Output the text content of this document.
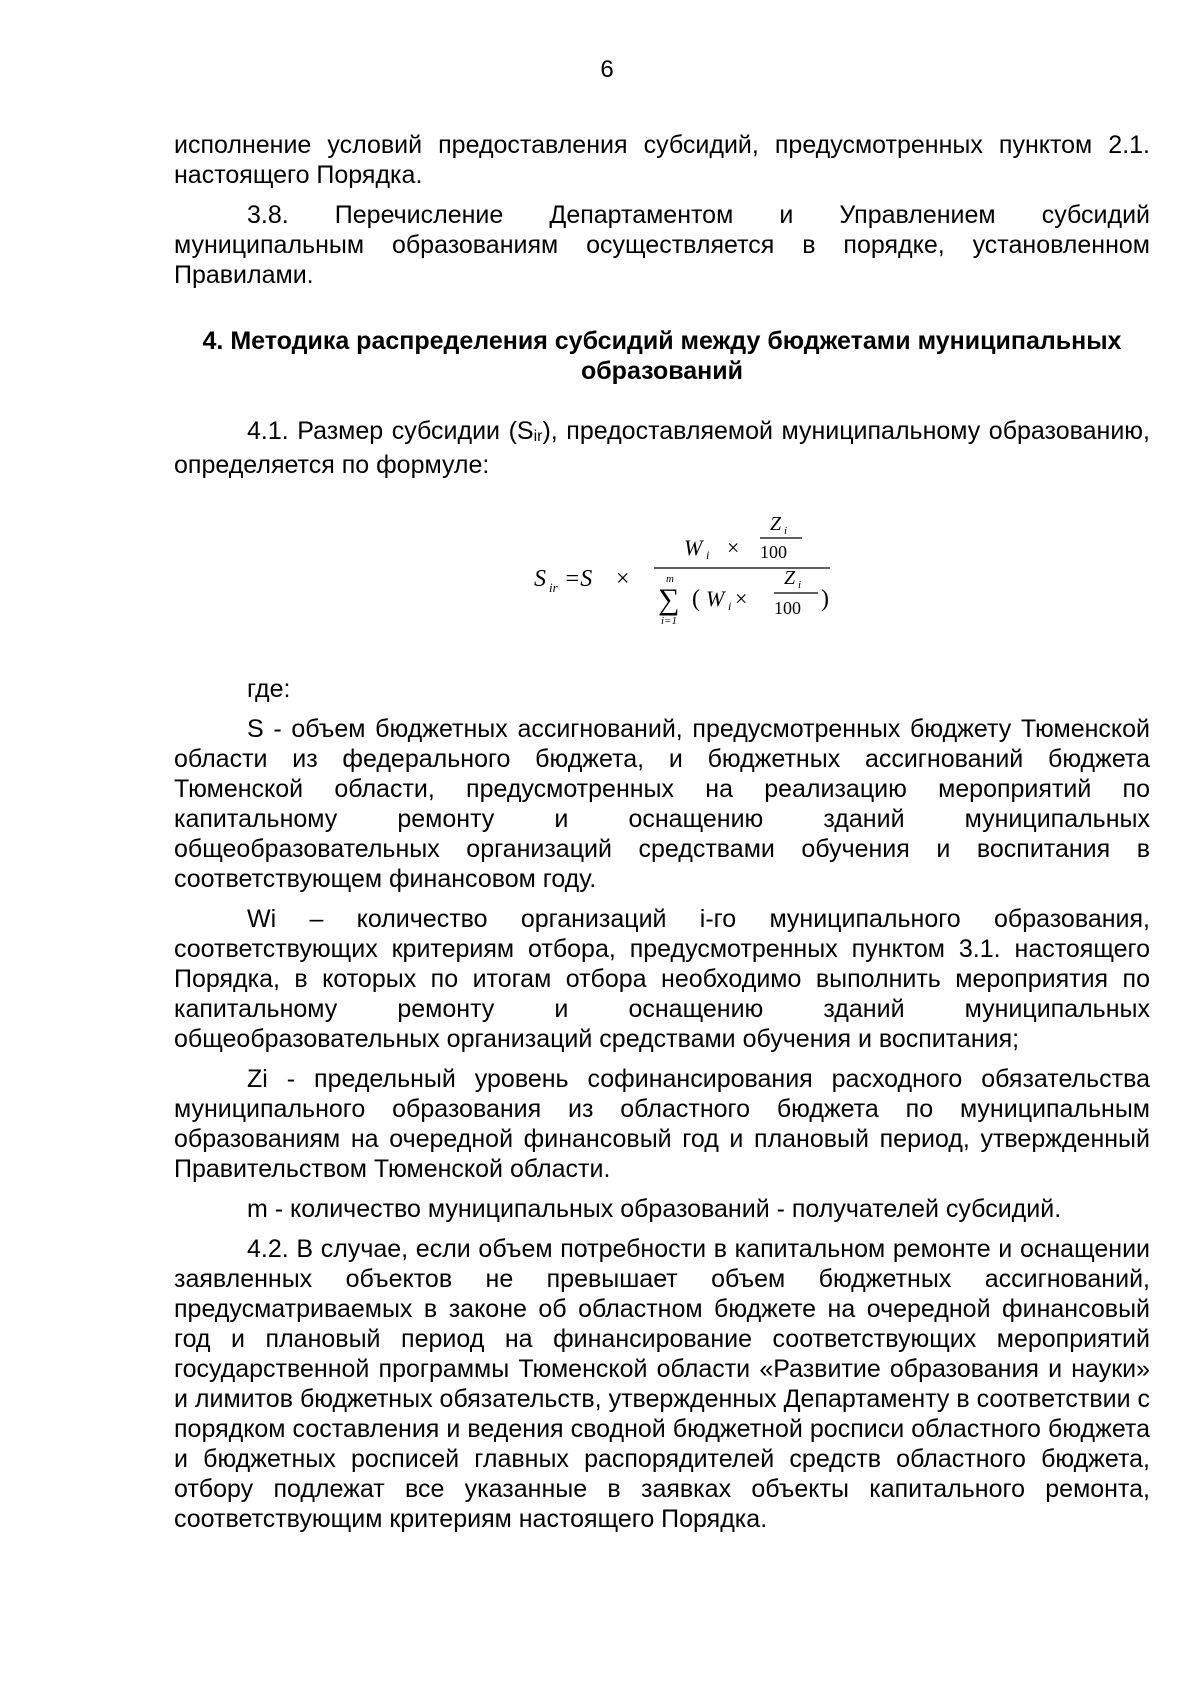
6

исполнение условий предоставления субсидий, предусмотренных пунктом 2.1. настоящего Порядка.

3.8. Перечисление Департаментом и Управлением субсидий муниципальным образованиям осуществляется в порядке, установленном Правилами.

4. Методика распределения субсидий между бюджетами муниципальных образований

4.1. Размер субсидии $(S_{ir})$, предоставляемой муниципальному образованию, определяется по формуле:

S ir =S ×
W i ×
Z i
100
m
∑
i=1
( W i ×
Z i
100 )

где:

S - объем бюджетных ассигнований, предусмотренных бюджету Тюменской области из федерального бюджета, и бюджетных ассигнований бюджета Тюменской области, предусмотренных на реализацию мероприятий по капитальному ремонту и оснащению зданий муниципальных общеобразовательных организаций средствами обучения и воспитания в соответствующем финансовом году.

Wi – количество организаций i-го муниципального образования, соответствующих критериям отбора, предусмотренных пунктом 3.1. настоящего Порядка, в которых по итогам отбора необходимо выполнить мероприятия по капитальному ремонту и оснащению зданий муниципальных общеобразовательных организаций средствами обучения и воспитания;

Zi - предельный уровень софинансирования расходного обязательства муниципального образования из областного бюджета по муниципальным образованиям на очередной финансовый год и плановый период, утвержденный Правительством Тюменской области.

m - количество муниципальных образований - получателей субсидий.

4.2. В случае, если объем потребности в капитальном ремонте и оснащении заявленных объектов не превышает объем бюджетных ассигнований, предусматриваемых в законе об областном бюджете на очередной финансовый год и плановый период на финансирование соответствующих мероприятий государственной программы Тюменской области «Развитие образования и науки» и лимитов бюджетных обязательств, утвержденных Департаменту в соответствии с порядком составления и ведения сводной бюджетной росписи областного бюджета и бюджетных росписей главных распорядителей средств областного бюджета, отбору подлежат все указанные в заявках объекты капитального ремонта, соответствующим критериям настоящего Порядка.
